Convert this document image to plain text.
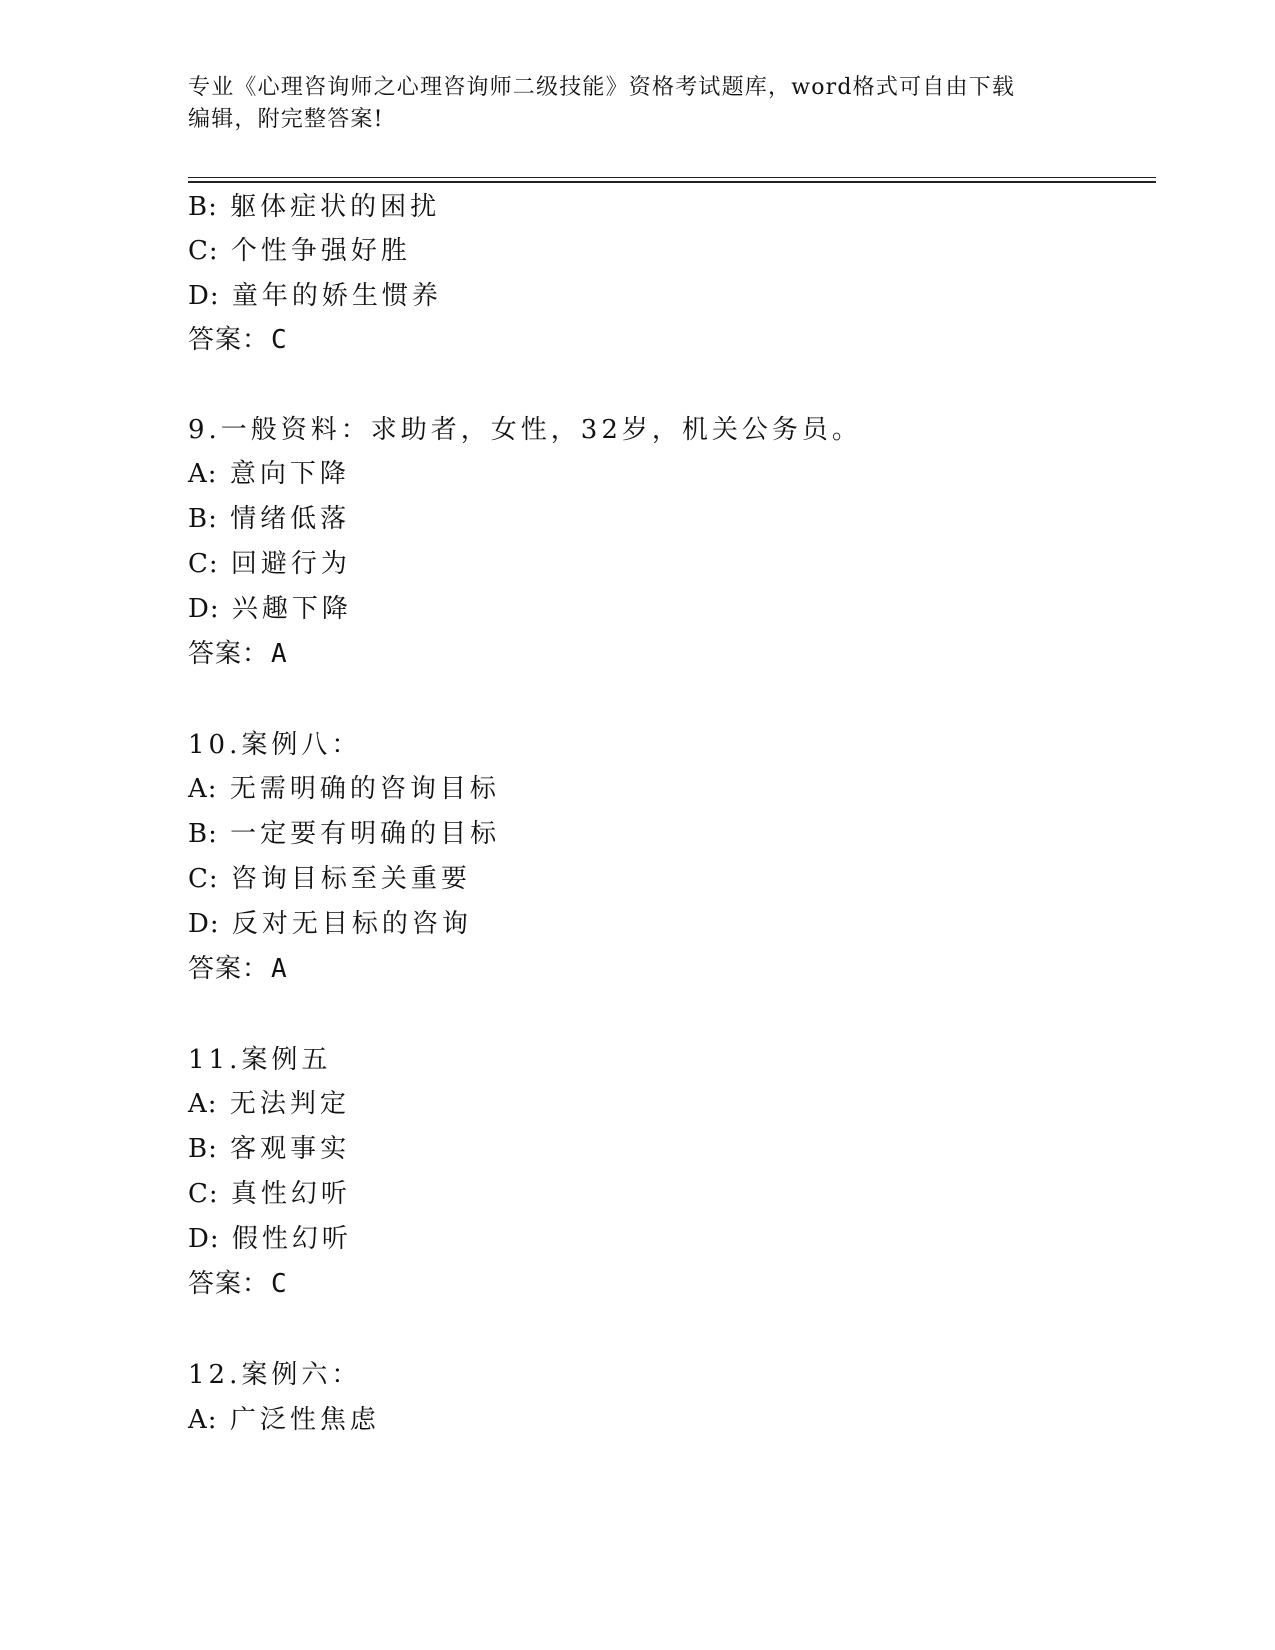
专业《心理咨询师之心理咨询师二级技能》资格考试题库，word格式可自由下载
编辑，附完整答案!
B: 躯体症状的困扰
C: 个性争强好胜
D: 童年的娇生惯养
答案：C
9.一般资料：求助者，女性，32岁，机关公务员。
A: 意向下降
B: 情绪低落
C: 回避行为
D: 兴趣下降
答案：A
10.案例八：
A: 无需明确的咨询目标
B: 一定要有明确的目标
C: 咨询目标至关重要
D: 反对无目标的咨询
答案：A
11.案例五
A: 无法判定
B: 客观事实
C: 真性幻听
D: 假性幻听
答案：C
12.案例六：
A: 广泛性焦虑
